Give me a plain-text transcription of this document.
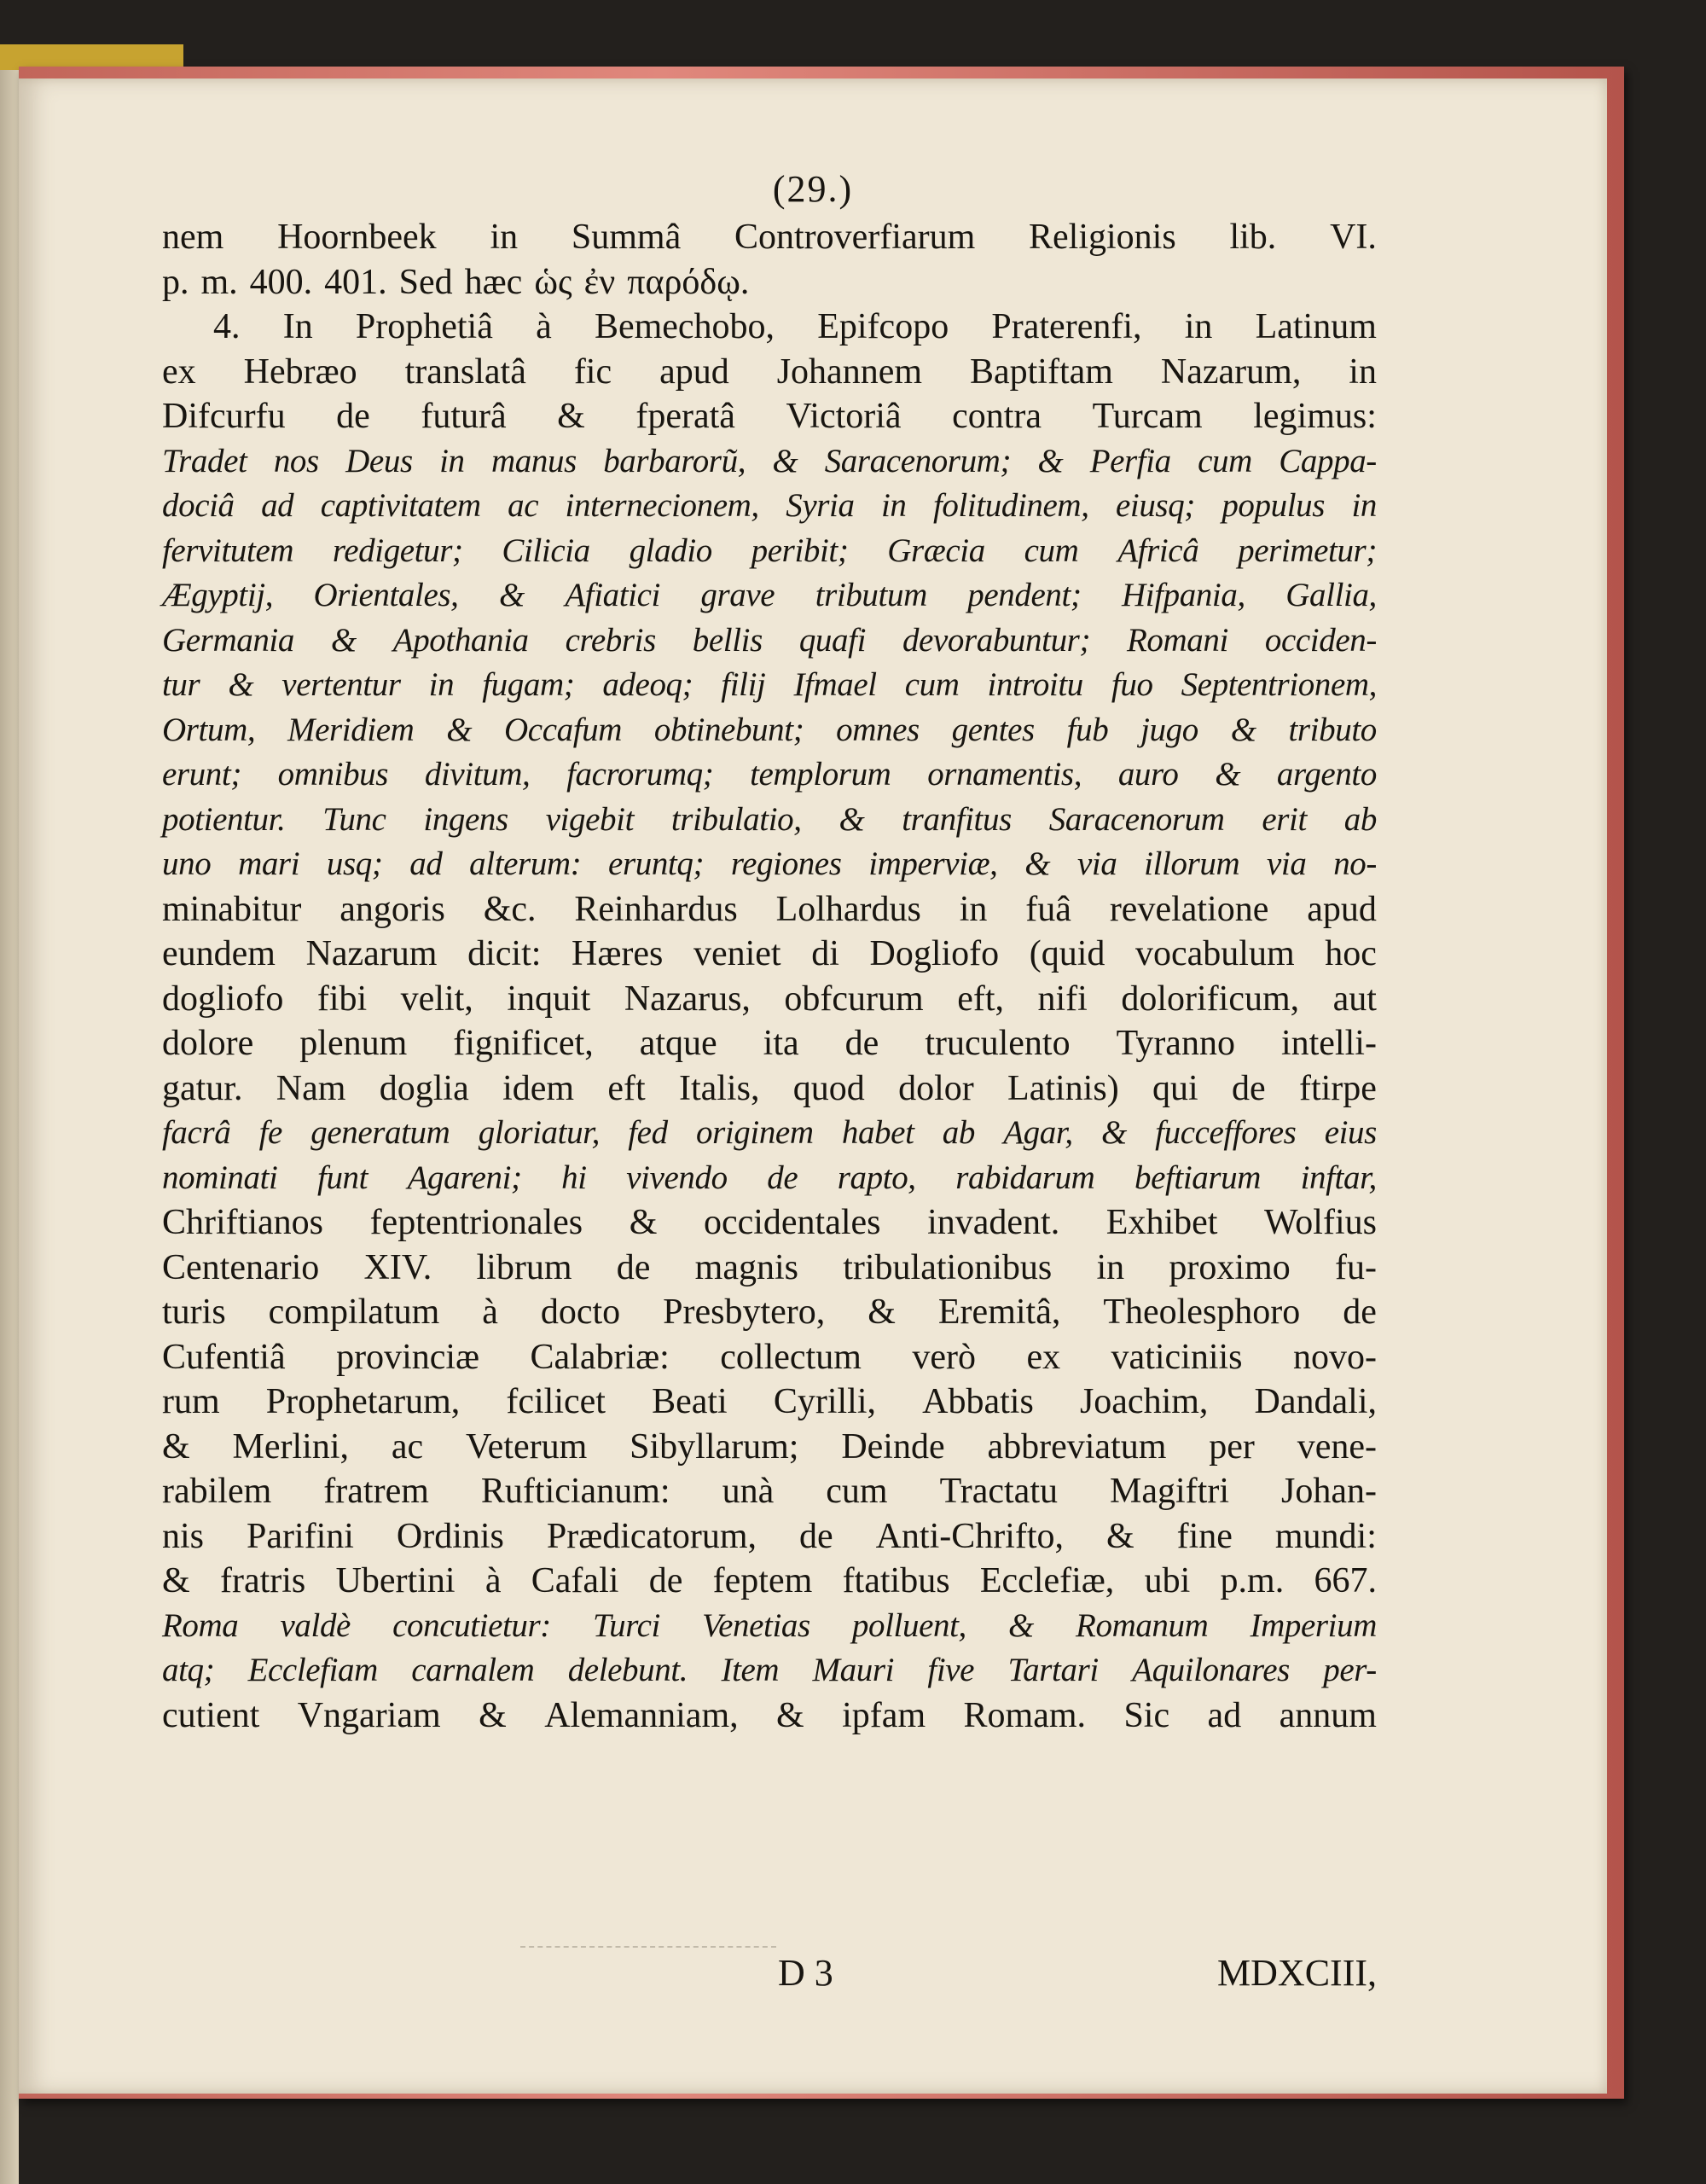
(29.)
nem Hoornbeek in Summâ Controverfiarum Religionis lib. VI.
p. m. 400. 401. Sed hæc ὡς ἐν παρόδῳ.
4. In Prophetiâ à Bemechobo, Epifcopo Praterenfi, in Latinum
ex Hebræo translatâ fic apud Johannem Baptiftam Nazarum, in
Difcurfu de futurâ & fperatâ Victoriâ contra Turcam legimus:
Tradet nos Deus in manus barbarorũ, & Saracenorum; & Perfia cum Cappa-
dociâ ad captivitatem ac internecionem, Syria in folitudinem, eiusq; populus in
fervitutem redigetur; Cilicia gladio peribit; Græcia cum Africâ perimetur;
Ægyptij, Orientales, & Afiatici grave tributum pendent; Hifpania, Gallia,
Germania & Apothania crebris bellis quafi devorabuntur; Romani occiden-
tur & vertentur in fugam; adeoq; filij Ifmael cum introitu fuo Septentrionem,
Ortum, Meridiem & Occafum obtinebunt; omnes gentes fub jugo & tributo
erunt; omnibus divitum, facrorumq; templorum ornamentis, auro & argento
potientur. Tunc ingens vigebit tribulatio, & tranfitus Saracenorum erit ab
uno mari usq; ad alterum: eruntq; regiones imperviæ, & via illorum via no-
minabitur angoris &c. Reinhardus Lolhardus in fuâ revelatione apud
eundem Nazarum dicit: Hæres veniet di Dogliofo (quid vocabulum hoc
dogliofo fibi velit, inquit Nazarus, obfcurum eft, nifi dolorificum, aut
dolore plenum fignificet, atque ita de truculento Tyranno intelli-
gatur. Nam doglia idem eft Italis, quod dolor Latinis) qui de ftirpe
facrâ fe generatum gloriatur, fed originem habet ab Agar, & fucceffores eius
nominati funt Agareni; hi vivendo de rapto, rabidarum beftiarum inftar,
Chriftianos feptentrionales & occidentales invadent. Exhibet Wolfius
Centenario XIV. librum de magnis tribulationibus in proximo fu-
turis compilatum à docto Presbytero, & Eremitâ, Theolesphoro de
Cufentiâ provinciæ Calabriæ: collectum verò ex vaticiniis novo-
rum Prophetarum, fcilicet Beati Cyrilli, Abbatis Joachim, Dandali,
& Merlini, ac Veterum Sibyllarum; Deinde abbreviatum per vene-
rabilem fratrem Rufticianum: unà cum Tractatu Magiftri Johan-
nis Parifini Ordinis Prædicatorum, de Anti-Chrifto, & fine mundi:
& fratris Ubertini à Cafali de feptem ftatibus Ecclefiæ, ubi p.m. 667.
Roma valdè concutietur: Turci Venetias polluent, & Romanum Imperium
atq; Ecclefiam carnalem delebunt. Item Mauri five Tartari Aquilonares per-
cutient Vngariam & Alemanniam, & ipfam Romam. Sic ad annum
D 3	MDXCIII,
